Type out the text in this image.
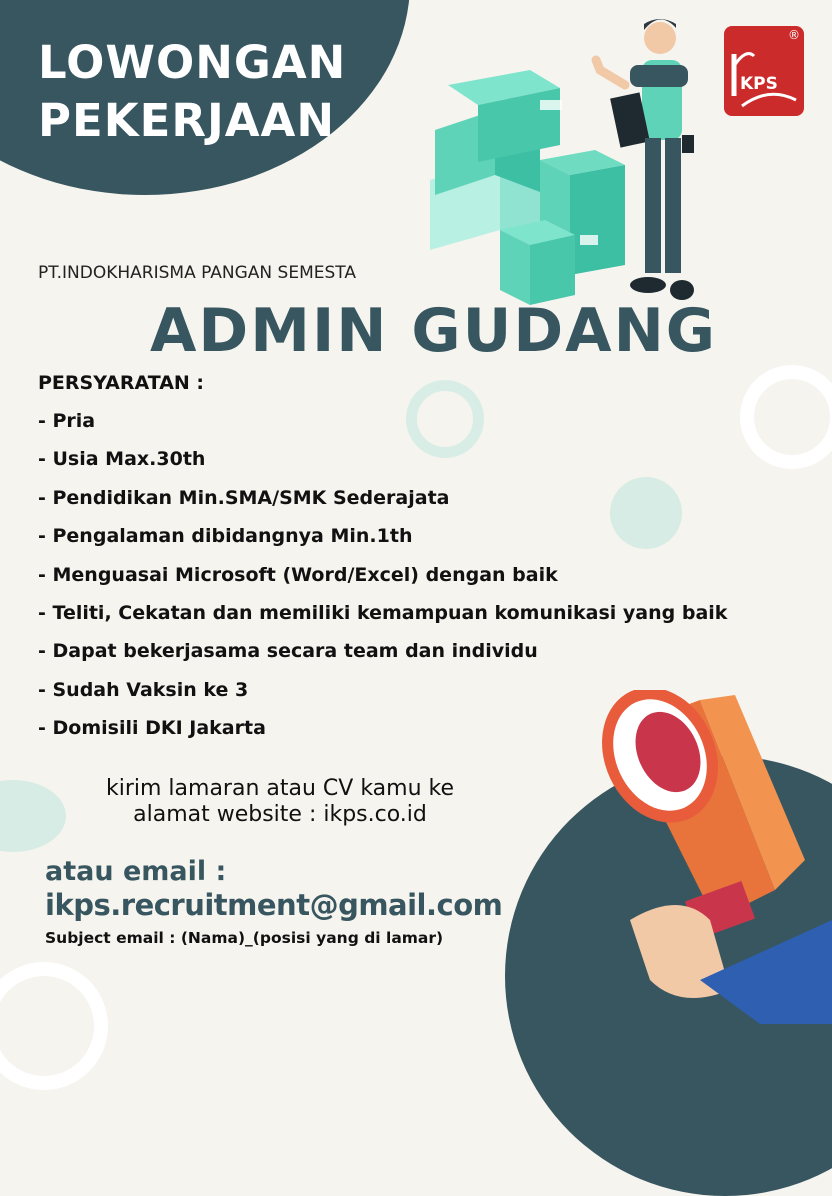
LOWONGAN
PEKERJAAN
KPS
®
PT.INDOKHARISMA PANGAN SEMESTA
ADMIN GUDANG
PERSYARATAN :
- Pria
- Usia Max.30th
- Pendidikan Min.SMA/SMK Sederajata
- Pengalaman dibidangnya Min.1th
- Menguasai Microsoft (Word/Excel) dengan baik
- Teliti, Cekatan dan memiliki kemampuan komunikasi yang baik
- Dapat bekerjasama secara team dan individu
- Sudah Vaksin ke 3
- Domisili DKI Jakarta
kirim lamaran atau CV kamu ke
alamat website : ikps.co.id
atau email :
ikps.recruitment@gmail.com
Subject email : (Nama)_(posisi yang di lamar)
